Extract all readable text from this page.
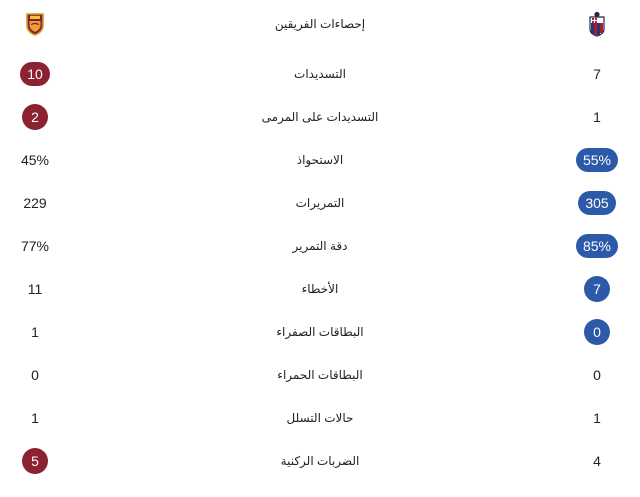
إحصاءات الفريقين
10	التسديدات	7
2	التسديدات على المرمى	1
45%	الاستحواذ	55%
229	التمريرات	305
77%	دقة التمرير	85%
11	الأخطاء	7
1	البطاقات الصفراء	0
0	البطاقات الحمراء	0
1	حالات التسلل	1
5	الضربات الركنية	4
